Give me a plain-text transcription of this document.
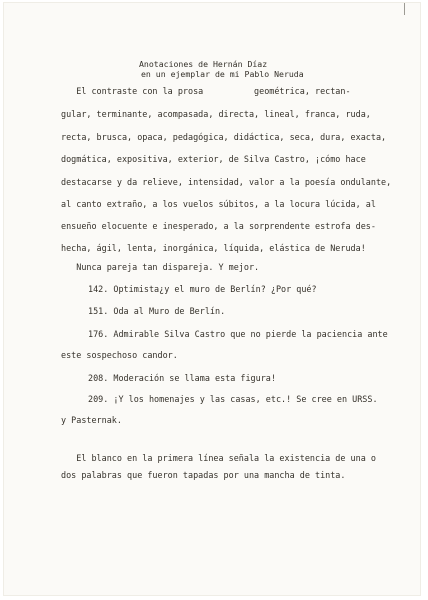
Anotaciones de Hernán Díaz
en un ejemplar de mi Pablo Neruda
El contraste con la prosa          geométrica, rectan-
gular, terminante, acompasada, directa, lineal, franca, ruda,
recta, brusca, opaca, pedagógica, didáctica, seca, dura, exacta,
dogmática, expositiva, exterior, de Silva Castro, ¡cómo hace
destacarse y da relieve, intensidad, valor a la poesía ondulante,
al canto extraño, a los vuelos súbitos, a la locura lúcida, al
ensueño elocuente e inesperado, a la sorprendente estrofa des-
hecha, ágil, lenta, inorgánica, líquida, elástica de Neruda!
Nunca pareja tan dispareja. Y mejor.
142. Optimista¿y el muro de Berlín? ¿Por qué?
151. Oda al Muro de Berlín.
176. Admirable Silva Castro que no pierde la paciencia ante
este sospechoso candor.
208. Moderación se llama esta figura!
209. ¡Y los homenajes y las casas, etc.! Se cree en URSS.
y Pasternak.
El blanco en la primera línea señala la existencia de una o
dos palabras que fueron tapadas por una mancha de tinta.
